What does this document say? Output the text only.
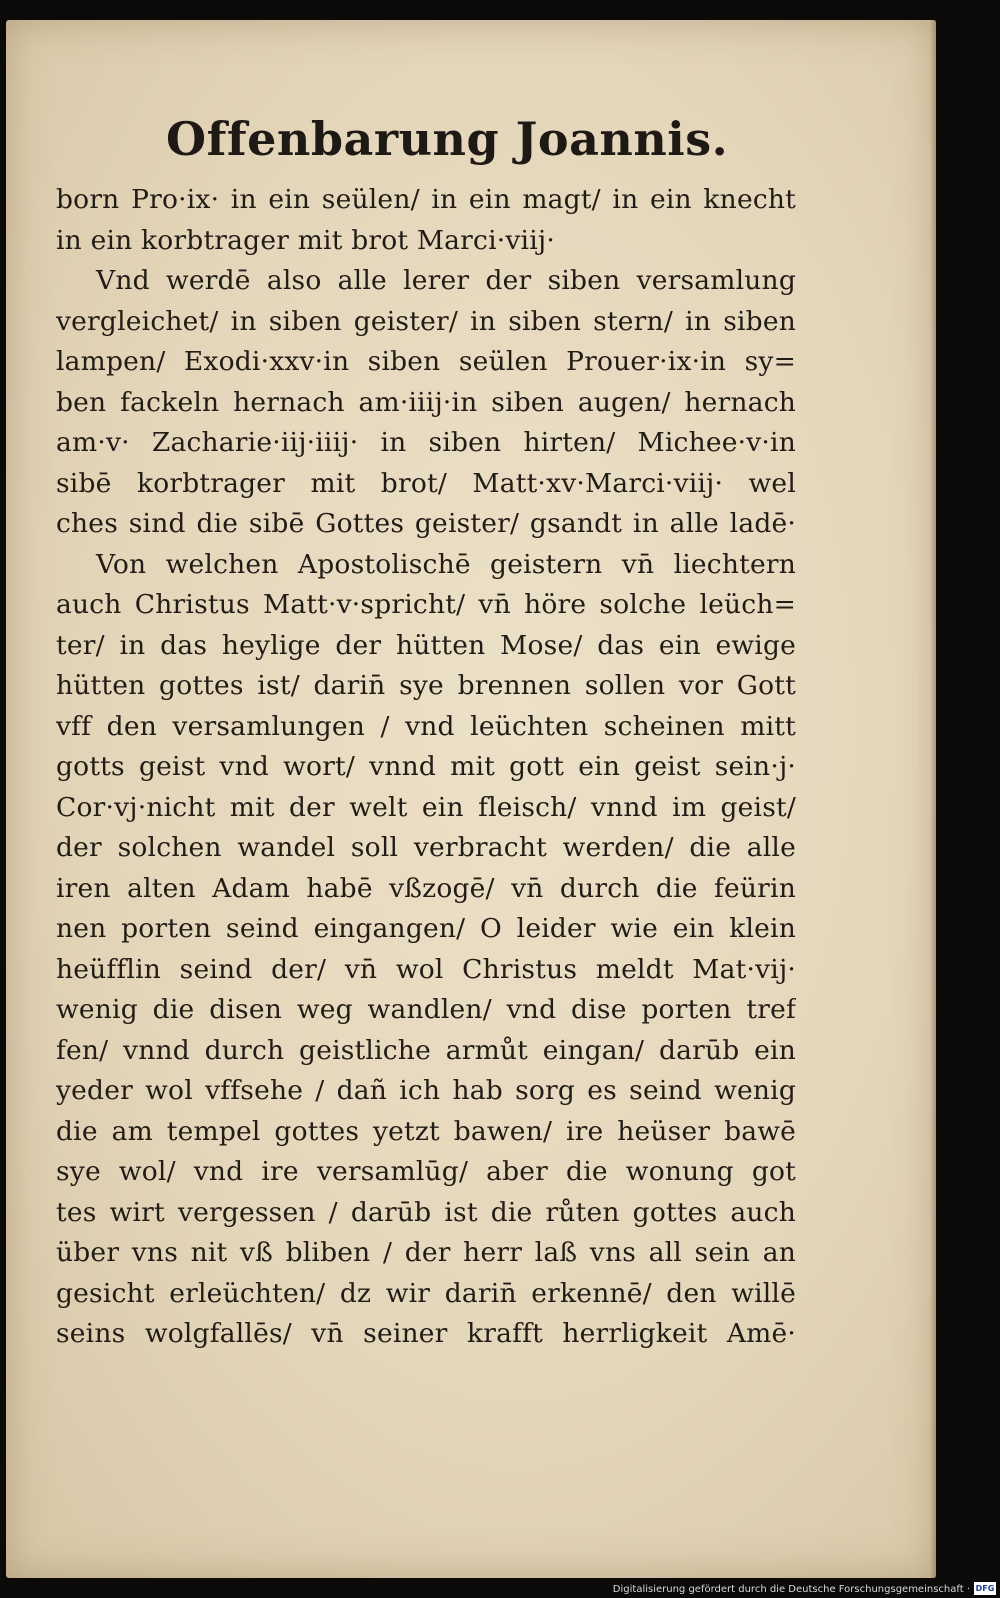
Offenbarung Joannis.
born Pro·ix· in ein seülen/ in ein magt/ in ein knecht
in ein korbtrager mit brot Marci·viij·
Vnd werdē also alle lerer der siben versamlung
vergleichet/ in siben geister/ in siben stern/ in siben
lampen/ Exodi·xxv·in siben seülen Prouer·ix·in sy=
ben fackeln hernach am·iiij·in siben augen/ hernach
am·v· Zacharie·iij·iiij· in siben hirten/ Michee·v·in
sibē korbtrager mit brot/ Matt·xv·Marci·viij· wel
ches sind die sibē Gottes geister/ gsandt in alle ladē·
Von welchen Apostolischē geistern vn̄ liechtern
auch Christus Matt·v·spricht/ vn̄ höre solche leüch=
ter/ in das heylige der hütten Mose/ das ein ewige
hütten gottes ist/ darin̄ sye brennen sollen vor Gott
vff den versamlungen / vnd leüchten scheinen mitt
gotts geist vnd wort/ vnnd mit gott ein geist sein·j·
Cor·vj·nicht mit der welt ein fleisch/ vnnd im geist/
der solchen wandel soll verbracht werden/ die alle
iren alten Adam habē vßzogē/ vn̄ durch die feürin
nen porten seind eingangen/ O leider wie ein klein
heüfflin seind der/ vn̄ wol Christus meldt Mat·vij·
wenig die disen weg wandlen/ vnd dise porten tref
fen/ vnnd durch geistliche armůt eingan/ darūb ein
yeder wol vffsehe / dañ ich hab sorg es seind wenig
die am tempel gottes yetzt bawen/ ire heüser bawē
sye wol/ vnd ire versamlūg/ aber die wonung got
tes wirt vergessen / darūb ist die růten gottes auch
über vns nit vß bliben / der herr laß vns all sein an
gesicht erleüchten/ dz wir darin̄ erkennē/ den willē
seins wolgfallēs/ vn̄ seiner krafft herrligkeit Amē·
Digitalisierung gefördert durch die Deutsche Forschungsgemeinschaft · DFG
